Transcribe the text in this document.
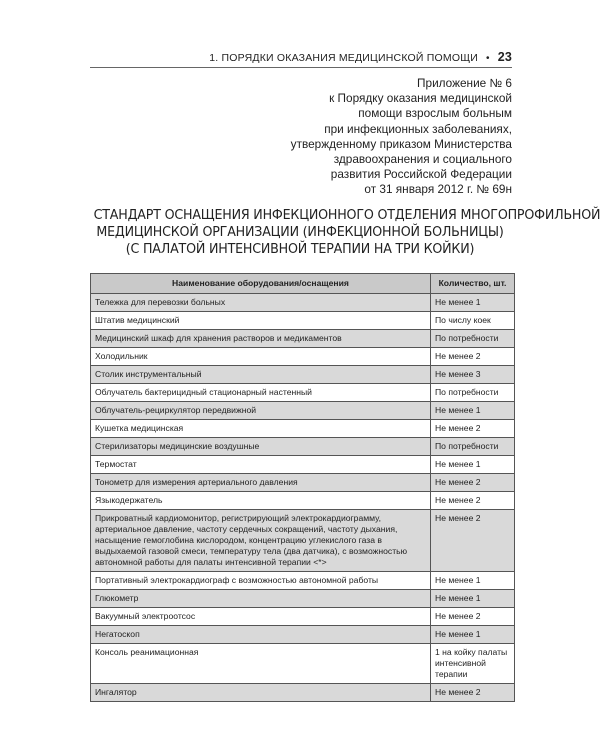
1. ПОРЯДКИ ОКАЗАНИЯ МЕДИЦИНСКОЙ ПОМОЩИ • 23
Приложение № 6
к Порядку оказания медицинской
помощи взрослым больным
при инфекционных заболеваниях,
утвержденному приказом Министерства
здравоохранения и социального
развития Российской Федерации
от 31 января 2012 г. № 69н
СТАНДАРТ ОСНАЩЕНИЯ ИНФЕКЦИОННОГО ОТДЕЛЕНИЯ МНОГОПРОФИЛЬНОЙ
МЕДИЦИНСКОЙ ОРГАНИЗАЦИИ (ИНФЕКЦИОННОЙ БОЛЬНИЦЫ)
(С ПАЛАТОЙ ИНТЕНСИВНОЙ ТЕРАПИИ НА ТРИ КОЙКИ)
Наименование оборудования/оснащения	Количество, шт.
Тележка для перевозки больных	Не менее 1
Штатив медицинский	По числу коек
Медицинский шкаф для хранения растворов и медикаментов	По потребности
Холодильник	Не менее 2
Столик инструментальный	Не менее 3
Облучатель бактерицидный стационарный настенный	По потребности
Облучатель-рециркулятор передвижной	Не менее 1
Кушетка медицинская	Не менее 2
Стерилизаторы медицинские воздушные	По потребности
Термостат	Не менее 1
Тонометр для измерения артериального давления	Не менее 2
Языкодержатель	Не менее 2
Прикроватный кардиомонитор, регистрирующий электрокардиограмму, артериальное давление, частоту сердечных сокращений, частоту дыхания, насыщение гемоглобина кислородом, концентрацию углекислого газа в выдыхаемой газовой смеси, температуру тела (два датчика), с возможностью автономной работы для палаты интенсивной терапии <*>	Не менее 2
Портативный электрокардиограф с возможностью автономной работы	Не менее 1
Глюкометр	Не менее 1
Вакуумный электроотсос	Не менее 2
Негатоскоп	Не менее 1
Консоль реанимационная	1 на койку палаты интенсивной терапии
Ингалятор	Не менее 2
